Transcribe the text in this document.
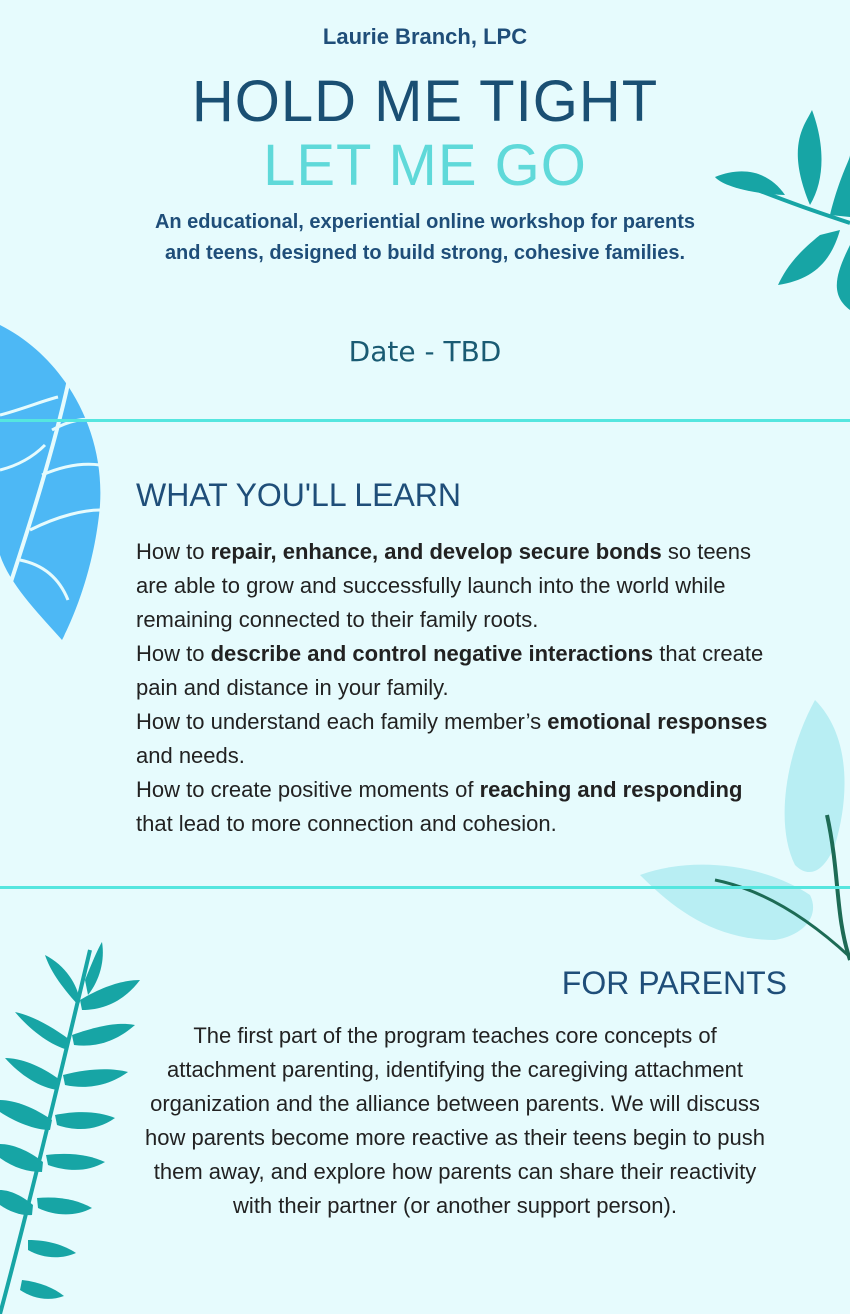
Laurie Branch, LPC
HOLD ME TIGHT
LET ME GO
An educational, experiential online workshop for parents and teens, designed to build strong, cohesive families.
Date - TBD
WHAT YOU'LL LEARN

How to repair, enhance, and develop secure bonds so teens are able to grow and successfully launch into the world while remaining connected to their family roots.

How to describe and control negative interactions that create pain and distance in your family.

How to understand each family member’s emotional responses and needs.

How to create positive moments of reaching and responding that lead to more connection and cohesion.

FOR PARENTS
The first part of the program teaches core concepts of attachment parenting, identifying the caregiving attachment organization and the alliance between parents. We will discuss how parents become more reactive as their teens begin to push them away, and explore how parents can share their reactivity with their partner (or another support person).
